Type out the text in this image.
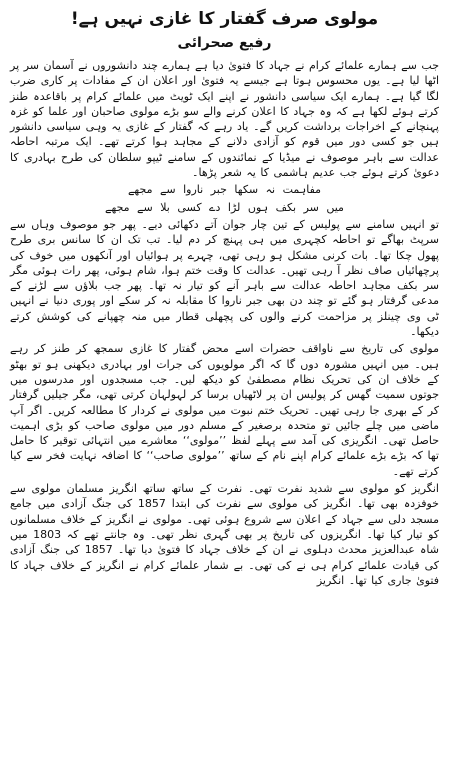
مولوی صرف گفتار کا غازی نہیں ہے!
رفیع صحرائی

جب سے ہمارے علمائے کرام نے جہاد کا فتویٰ دیا ہے ہمارے چند دانشوروں نے آسمان سر پر اٹھا لیا ہے۔ یوں محسوس ہوتا ہے جیسے یہ فتویٰ اور اعلان ان کے مفادات پر کاری ضرب لگا گیا ہے۔ ہمارے ایک سیاسی دانشور نے اپنے ایک ٹویٹ میں علمائے کرام پر باقاعدہ طنز کرتے ہوئے لکھا ہے کہ وہ جہاد کا اعلان کرنے والے سو بڑے مولوی صاحبان اور علما کو غزہ پہنچانے کے اخراجات برداشت کریں گے۔ یاد رہے کہ گفتار کے غازی یہ وہی سیاسی دانشور ہیں جو کسی دور میں قوم کو آزادی دلانے کے مجاہد ہوا کرتے تھے۔ ایک مرتبہ احاطہ عدالت سے باہر موصوف نے میڈیا کے نمائندوں کے سامنے ٹیپو سلطان کی طرح بہادری کا دعویٰ کرتے ہوئے جب عدیم ہاشمی کا یہ شعر پڑھا۔

مفاہمت نہ سکھا جبر ناروا سے مجھے
میں سر بکف ہوں لڑا دے کسی بلا سے مجھے

تو انہیں سامنے سے پولیس کے تین چار جوان آتے دکھائی دیے۔ پھر جو موصوف وہاں سے سرپٹ بھاگے تو احاطہ کچہری میں ہی پہنچ کر دم لیا۔ تب تک ان کا سانس بری طرح پھول چکا تھا۔ بات کرنی مشکل ہو رہی تھی، چہرے پر ہوائیاں اور آنکھوں میں خوف کی پرچھائیاں صاف نظر آ رہی تھیں۔ عدالت کا وقت ختم ہوا، شام ہوئی، پھر رات ہوئی مگر سر بکف مجاہد احاطہ عدالت سے باہر آنے کو تیار نہ تھا۔ پھر جب بلاؤں سے لڑنے کے مدعی گرفتار ہو گئے تو چند دن بھی جبر ناروا کا مقابلہ نہ کر سکے اور پوری دنیا نے انہیں ٹی وی چینلز پر مزاحمت کرنے والوں کی پچھلی قطار میں منہ چھپانے کی کوشش کرتے دیکھا۔

مولوی کی تاریخ سے ناواقف حضرات اسے محض گفتار کا غازی سمجھ کر طنز کر رہے ہیں۔ میں انہیں مشورہ دوں گا کہ اگر مولویوں کی جرات اور بہادری دیکھنی ہو تو بھٹو کے خلاف ان کی تحریک نظام مصطفیٰ کو دیکھ لیں۔ جب مسجدوں اور مدرسوں میں جوتوں سمیت گھس کر پولیس ان پر لاٹھیاں برسا کر لہولہان کرتی تھی، مگر جیلیں گرفتار کر کے بھری جا رہی تھیں۔ تحریک ختم نبوت میں مولوی نے کردار کا مطالعہ کریں۔ اگر آپ ماضی میں چلے جائیں تو متحدہ برصغیر کے مسلم دور میں مولوی صاحب کو بڑی اہمیت حاصل تھی۔ انگریزی کی آمد سے پہلے لفظ ’’مولوی‘‘ معاشرے میں انتہائی توقیر کا حامل تھا کہ بڑے بڑے علمائے کرام اپنے نام کے ساتھ ’’مولوی صاحب‘‘ کا اضافہ نہایت فخر سے کیا کرتے تھے۔

انگریز کو مولوی سے شدید نفرت تھی۔ نفرت کے ساتھ ساتھ انگریز مسلمان مولوی سے خوفزدہ بھی تھا۔ انگریز کی مولوی سے نفرت کی ابتدا 1857 کی جنگ آزادی میں جامع مسجد دلی سے جہاد کے اعلان سے شروع ہوئی تھی۔ مولوی نے انگریز کے خلاف مسلمانوں کو تیار کیا تھا۔ انگریزوں کی تاریخ پر بھی گہری نظر تھی۔ وہ جانتے تھے کہ 1803 میں شاہ عبدالعزیز محدث دہلوی نے ان کے خلاف جہاد کا فتویٰ دیا تھا۔ 1857 کی جنگ آزادی کی قیادت علمائے کرام ہی نے کی تھی۔ بے شمار علمائے کرام نے انگریز کے خلاف جہاد کا فتویٰ جاری کیا تھا۔ انگریز
